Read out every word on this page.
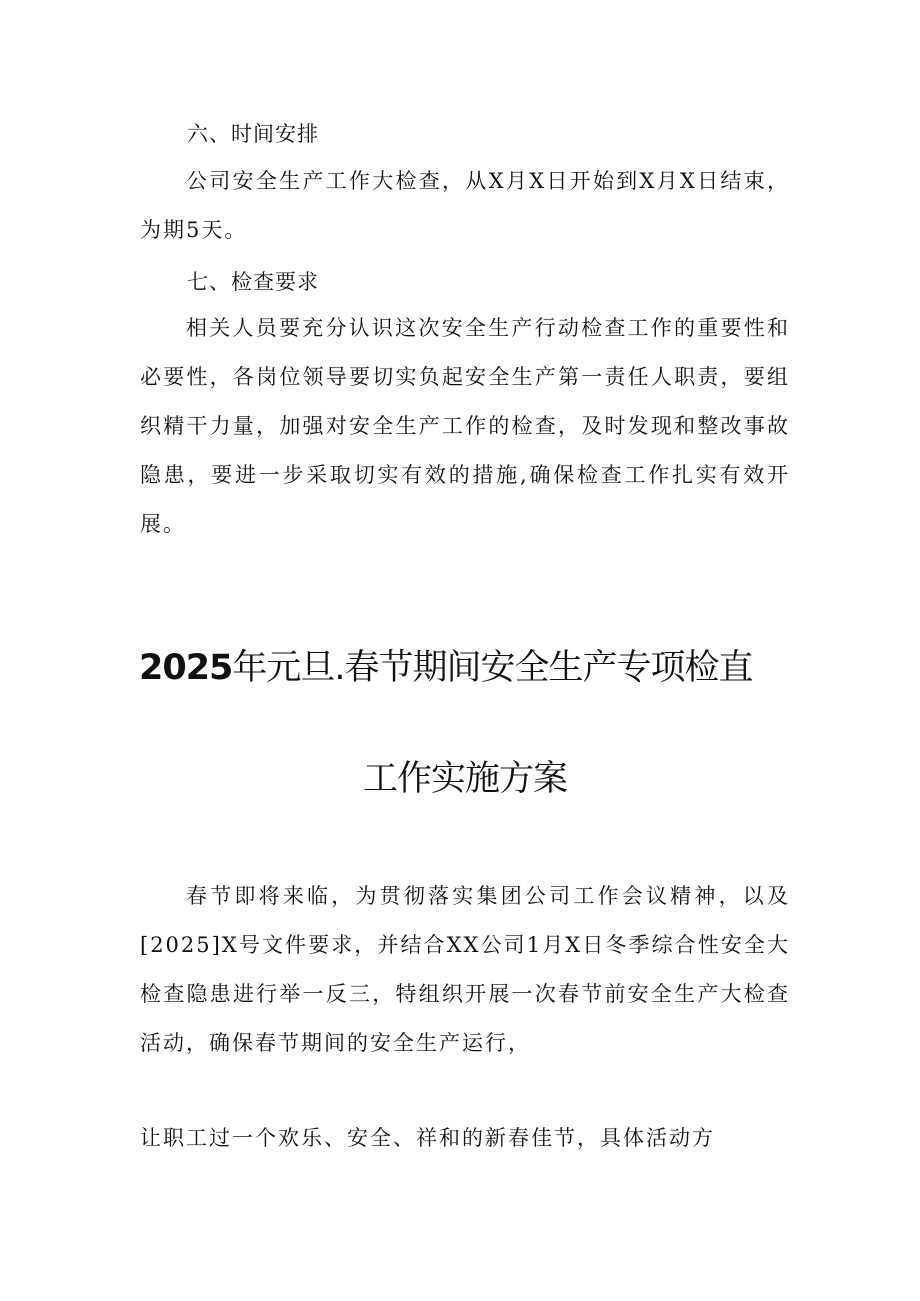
六、时间安排

公司安全生产工作大检查，从X月X日开始到X月X日结束，为期5天。

七、检查要求

相关人员要充分认识这次安全生产行动检查工作的重要性和必要性，各岗位领导要切实负起安全生产第一责任人职责，要组织精干力量，加强对安全生产工作的检查，及时发现和整改事故隐患，要进一步采取切实有效的措施,确保检查工作扎实有效开展。

2025年元旦.春节期间安全生产专项检直
工作实施方案

春节即将来临，为贯彻落实集团公司工作会议精神，以及[2025]X号文件要求，并结合XX公司1月X日冬季综合性安全大检查隐患进行举一反三，特组织开展一次春节前安全生产大检查活动，确保春节期间的安全生产运行，

让职工过一个欢乐、安全、祥和的新春佳节，具体活动方
